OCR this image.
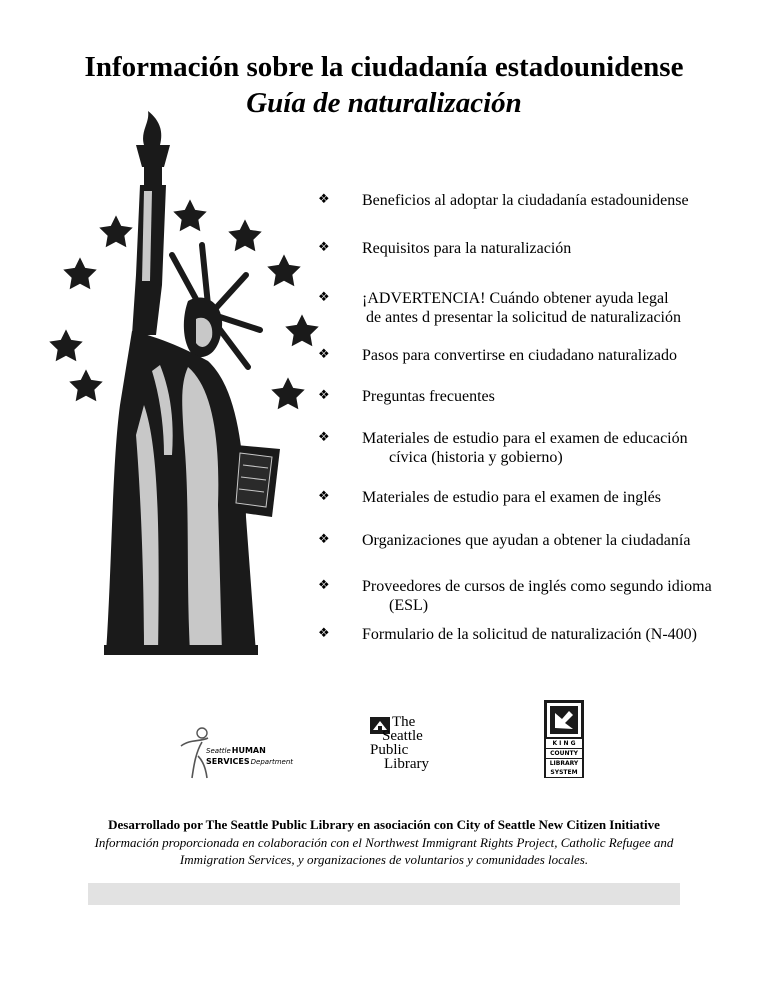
Información sobre la ciudadanía estadounidense
Guía de naturalización
❖ Beneficios al adoptar la ciudadanía estadounidense
❖ Requisitos para la naturalización
❖ ¡ADVERTENCIA! Cuándo obtener ayuda legal
de antes d presentar la solicitud de naturalización
❖ Pasos para convertirse en ciudadano naturalizado
❖ Preguntas frecuentes
❖ Materiales de estudio para el examen de educación
cívica (historia y gobierno)
❖ Materiales de estudio para el examen de inglés
❖ Organizaciones que ayudan a obtener la ciudadanía
❖ Proveedores de cursos de inglés como segundo idioma
(ESL)
❖ Formulario de la solicitud de naturalización (N-400)
SeattleHUMAN
SERVICESDepartment
The
Seattle
Public
Library
K I N G
COUNTY
LIBRARY
SYSTEM
Desarrollado por The Seattle Public Library en asociación con City of Seattle New Citizen Initiative
Información proporcionada en colaboración con el Northwest Immigrant Rights Project, Catholic Refugee and
Immigration Services, y organizaciones de voluntarios y comunidades locales.
